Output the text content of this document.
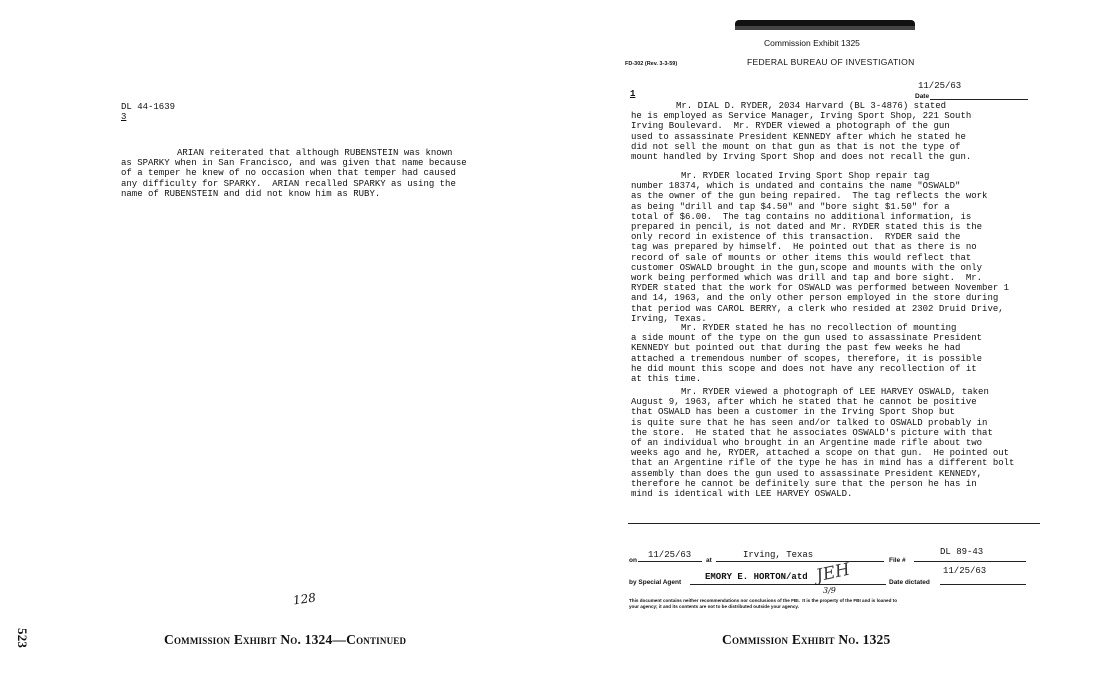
DL 44-1639
3
ARIAN reiterated that although RUBENSTEIN was known
as SPARKY when in San Francisco, and was given that name because
of a temper he knew of no occasion when that temper had caused
any difficulty for SPARKY.  ARIAN recalled SPARKY as using the
name of RUBENSTEIN and did not know him as RUBY.
128
Commission Exhibit No. 1324—Continued
523
Commission Exhibit 1325
FD-302 (Rev. 3-3-59)	FEDERAL BUREAU OF INVESTIGATION
11/25/63
Date
1
Mr. DIAL D. RYDER, 2034 Harvard (BL 3-4876) stated
he is employed as Service Manager, Irving Sport Shop, 221 South
Irving Boulevard.  Mr. RYDER viewed a photograph of the gun
used to assassinate President KENNEDY after which he stated he
did not sell the mount on that gun as that is not the type of
mount handled by Irving Sport Shop and does not recall the gun.
Mr. RYDER located Irving Sport Shop repair tag
number 18374, which is undated and contains the name "OSWALD"
as the owner of the gun being repaired.  The tag reflects the work
as being "drill and tap $4.50" and "bore sight $1.50" for a
total of $6.00.  The tag contains no additional information, is
prepared in pencil, is not dated and Mr. RYDER stated this is the
only record in existence of this transaction.  RYDER said the
tag was prepared by himself.  He pointed out that as there is no
record of sale of mounts or other items this would reflect that
customer OSWALD brought in the gun,scope and mounts with the only
work being performed which was drill and tap and bore sight.  Mr.
RYDER stated that the work for OSWALD was performed between November 1
and 14, 1963, and the only other person employed in the store during
that period was CAROL BERRY, a clerk who resided at 2302 Druid Drive,
Irving, Texas.
Mr. RYDER stated he has no recollection of mounting
a side mount of the type on the gun used to assassinate President
KENNEDY but pointed out that during the past few weeks he had
attached a tremendous number of scopes, therefore, it is possible
he did mount this scope and does not have any recollection of it
at this time.
Mr. RYDER viewed a photograph of LEE HARVEY OSWALD, taken
August 9, 1963, after which he stated that he cannot be positive
that OSWALD has been a customer in the Irving Sport Shop but
is quite sure that he has seen and/or talked to OSWALD probably in
the store.  He stated that he associates OSWALD's picture with that
of an individual who brought in an Argentine made rifle about two
weeks ago and he, RYDER, attached a scope on that gun.  He pointed out
that an Argentine rifle of the type he has in mind has a different bolt
assembly than does the gun used to assassinate President KENNEDY,
therefore he cannot be definitely sure that the person he has in
mind is identical with LEE HARVEY OSWALD.
on
11/25/63
at
Irving, Texas
File #
DL 89-43
by Special Agent
EMORY E. HORTON/atd JEH
3/9
Date dictated
11/25/63
This document contains neither recommendations nor conclusions of the FBI.  It is the property of the FBI and is loaned to
your agency; it and its contents are not to be distributed outside your agency.
Commission Exhibit No. 1325
